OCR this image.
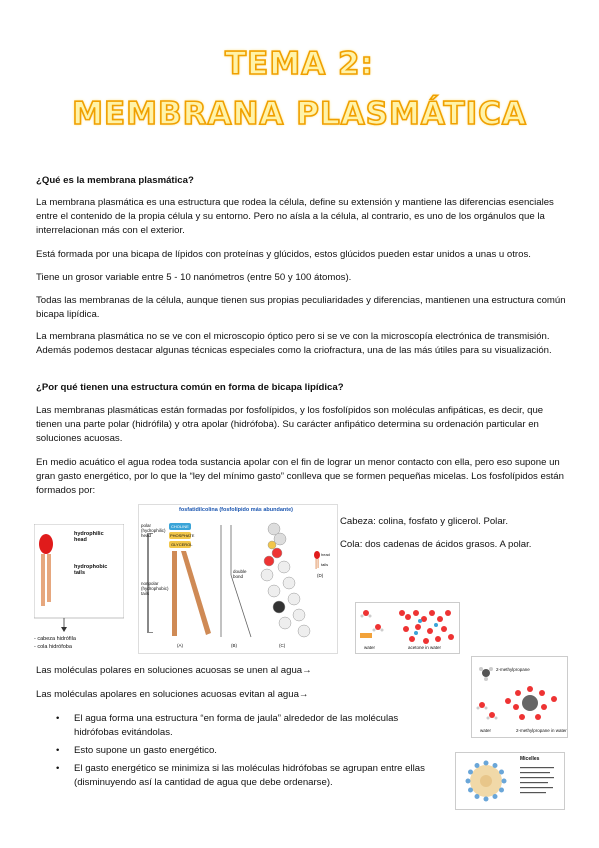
TEMA 2:
MEMBRANA PLASMÁTICA

¿Qué es la membrana plasmática?

La membrana plasmática es una estructura que rodea la célula, define su extensión y mantiene las diferencias esenciales entre el contenido de la propia célula y su entorno. Pero no aísla a la célula, al contrario, es uno de los orgánulos que la interrelacionan más con el exterior.

Está formada por una bicapa de lípidos con proteínas y glúcidos, estos glúcidos pueden estar unidos a unas u otros.

Tiene un grosor variable entre 5 - 10 nanómetros (entre 50 y 100 átomos).

Todas las membranas de la célula, aunque tienen sus propias peculiaridades y diferencias, mantienen una estructura común bicapa lipídica.

La membrana plasmática no se ve con el microscopio óptico pero si se ve con la microscopía electrónica de transmisión. Además podemos destacar algunas técnicas especiales como la criofractura, una de las más útiles para su visualización.

¿Por qué tienen una estructura común en forma de bicapa lipídica?

Las membranas plasmáticas están formadas por fosfolípidos, y los fosfolípidos son moléculas anfipáticas, es decir, que tienen una parte polar (hidrófila) y otra apolar (hidrófoba). Su carácter anfipático determina su ordenación particular en soluciones acuosas.

En medio acuático el agua rodea toda sustancia apolar con el fin de lograr un menor contacto con ella, pero eso supone un gran gasto energético, por lo que la “ley del mínimo gasto” conlleva que se formen pequeñas micelas. Los fosfolípidos están formados por:

hydrophilic head
hydrophobic tails
- cabeza hidrófila
- cola hidrófoba
fosfatidilcolina (fosfolípido más abundante)
polar (hydrophilic) head
nonpolar (hydrophobic) tails
CHOLINE
PHOSPHATE
GLYCEROL
double bond
(A)	(B)	(C)
(D)
head
tails

Cabeza: colina, fosfato y glicerol. Polar.

Cola: dos cadenas de ácidos grasos. A polar.

water	acetone in water
2-methylpropane
water	2-methylpropane in water
Micelles

Las moléculas polares en soluciones acuosas se unen al agua→

Las moléculas apolares en soluciones acuosas evitan al agua→

• El agua forma una estructura “en forma de jaula” alrededor de las moléculas hidrófobas evitándolas.
• Esto supone un gasto energético.
• El gasto energético se minimiza si las moléculas hidrófobas se agrupan entre ellas (disminuyendo así la cantidad de agua que debe ordenarse).
